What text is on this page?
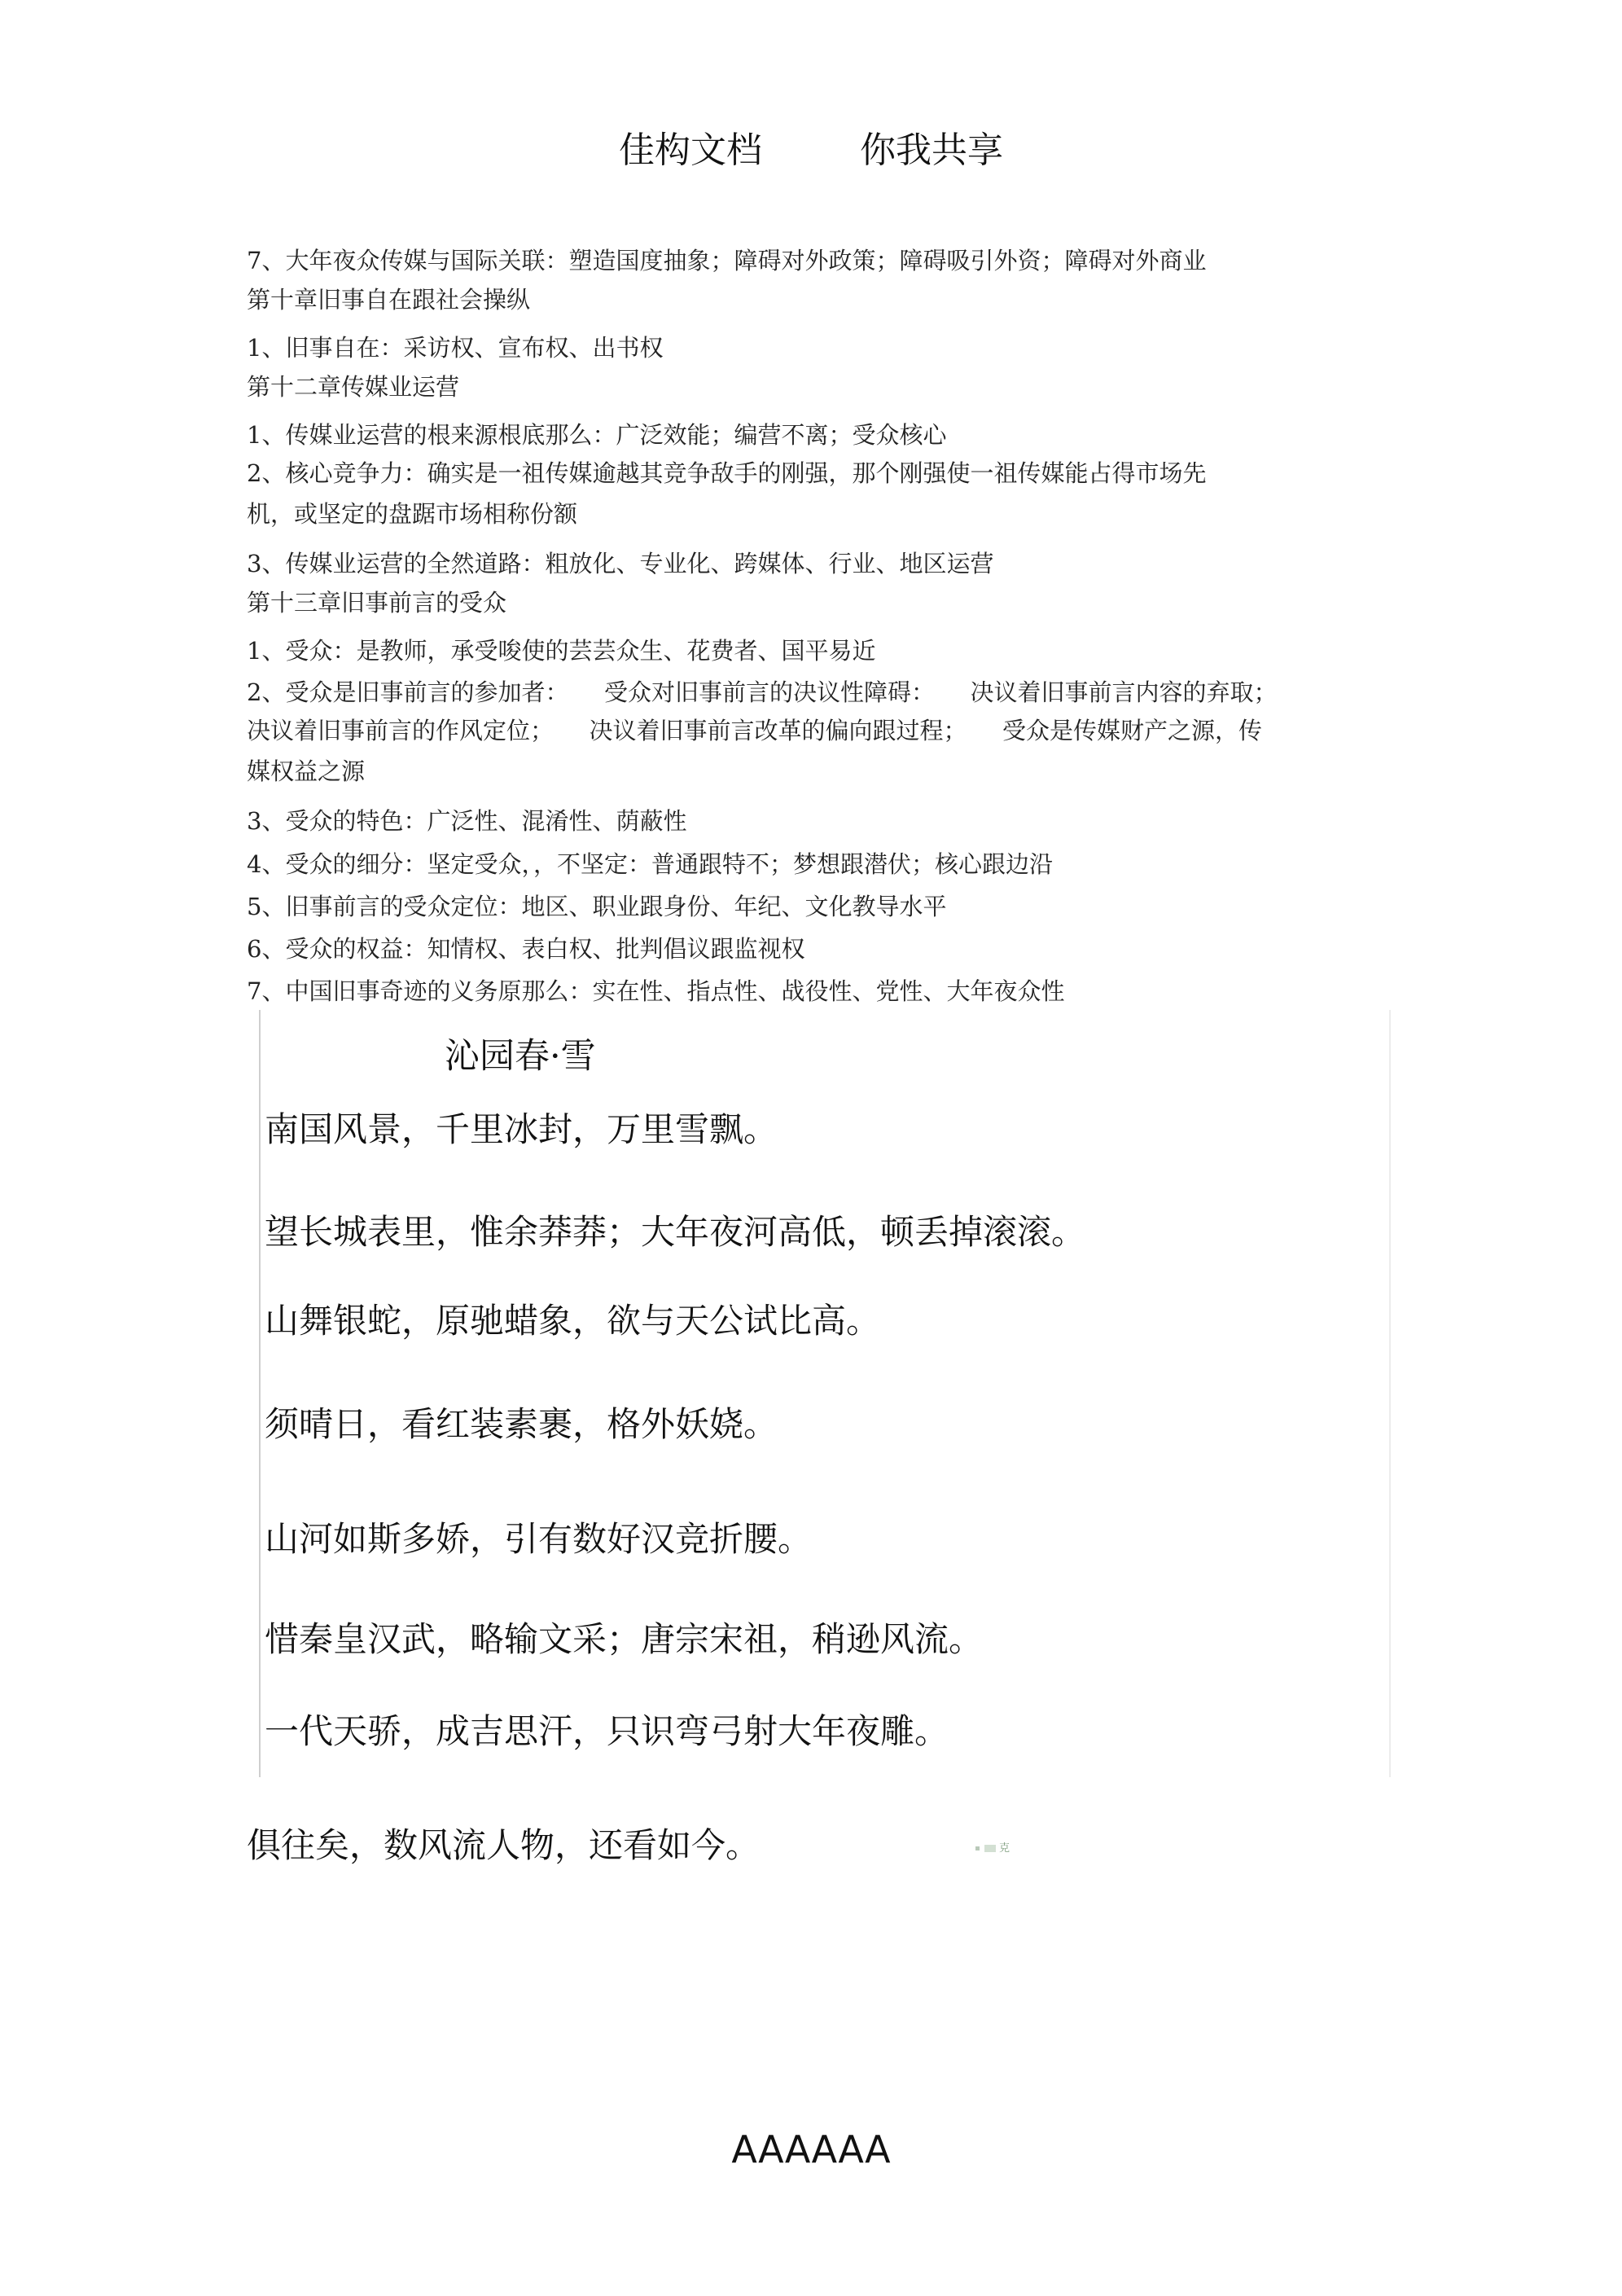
佳构文档	你我共享
7、大年夜众传媒与国际关联：塑造国度抽象；障碍对外政策；障碍吸引外资；障碍对外商业
第十章旧事自在跟社会操纵
1、旧事自在：采访权、宣布权、出书权
第十二章传媒业运营
1、传媒业运营的根来源根底那么：广泛效能；编营不离；受众核心
2、核心竞争力：确实是一祖传媒逾越其竞争敌手的刚强，那个刚强使一祖传媒能占得市场先
机，或坚定的盘踞市场相称份额
3、传媒业运营的全然道路：粗放化、专业化、跨媒体、行业、地区运营
第十三章旧事前言的受众
1、受众：是教师，承受唆使的芸芸众生、花费者、国平易近
2、受众是旧事前言的参加者：　　受众对旧事前言的决议性障碍：　　决议着旧事前言内容的弃取；
决议着旧事前言的作风定位；　　决议着旧事前言改革的偏向跟过程；　　受众是传媒财产之源，传
媒权益之源
3、受众的特色：广泛性、混淆性、荫蔽性
4、受众的细分：坚定受众，，不坚定：普通跟特不；梦想跟潜伏；核心跟边沿
5、旧事前言的受众定位：地区、职业跟身份、年纪、文化教导水平
6、受众的权益：知情权、表白权、批判倡议跟监视权
7、中国旧事奇迹的义务原那么：实在性、指点性、战役性、党性、大年夜众性
沁园春·雪
南国风景，千里冰封，万里雪飘。
望长城表里，惟余莽莽；大年夜河高低，顿丢掉滚滚。
山舞银蛇，原驰蜡象，欲与天公试比高。
须晴日，看红装素裹，格外妖娆。
山河如斯多娇，引有数好汉竞折腰。
惜秦皇汉武，略输文采；唐宗宋祖，稍逊风流。
一代天骄，成吉思汗，只识弯弓射大年夜雕。
俱往矣，数风流人物，还看如今。	克
AAAAAA
